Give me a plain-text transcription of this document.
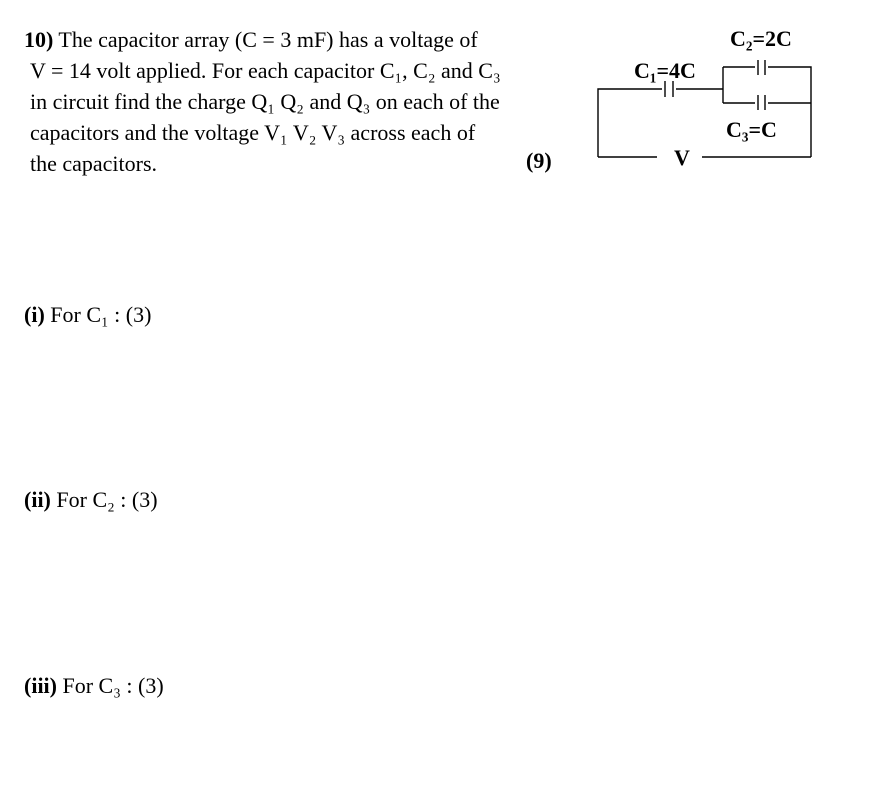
10) The capacitor array (C = 3 mF) has a voltage of
V = 14 volt applied. For each capacitor C₁, C₂ and C₃
in circuit find the charge Q₁ Q₂ and Q₃ on each of the
capacitors and the voltage V₁ V₂ V₃ across each of
the capacitors.	(9)
C₁=4C
C₂=2C
C₃=C
V
(i) For C₁ : (3)
(ii) For C₂ : (3)
(iii) For C₃ : (3)
